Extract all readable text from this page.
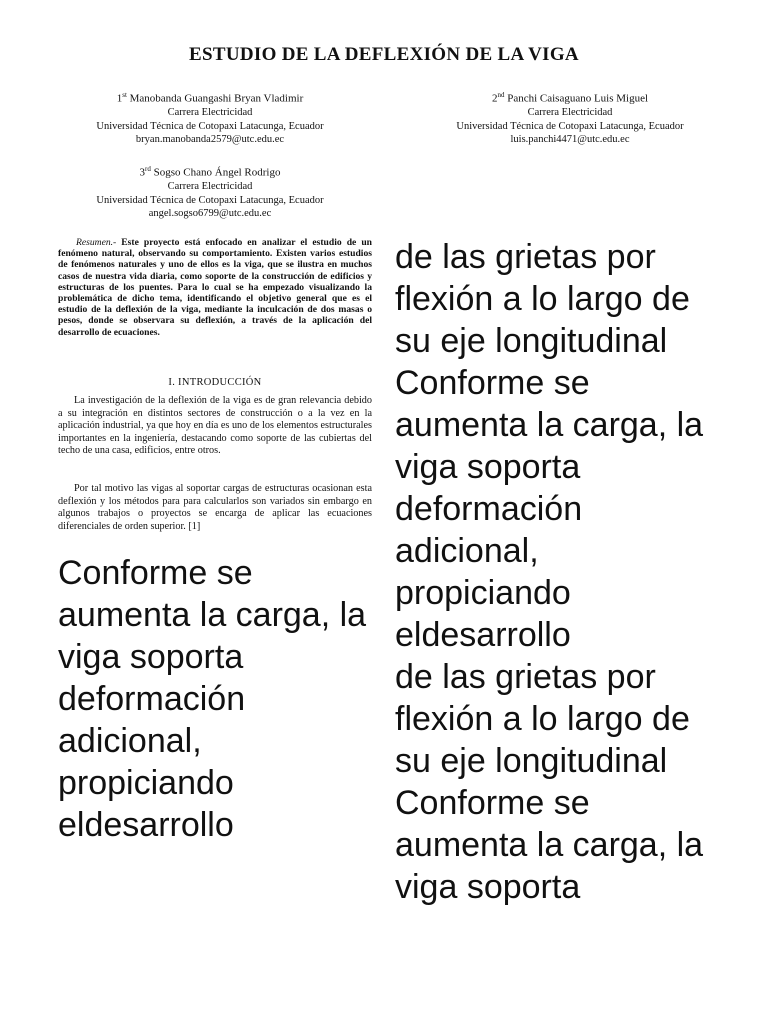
ESTUDIO DE LA DEFLEXIÓN DE LA VIGA
1st Manobanda Guangashi Bryan Vladimir
Carrera Electricidad
Universidad Técnica de Cotopaxi Latacunga, Ecuador
bryan.manobanda2579@utc.edu.ec
2nd Panchi Caisaguano Luis Miguel
Carrera Electricidad
Universidad Técnica de Cotopaxi Latacunga, Ecuador
luis.panchi4471@utc.edu.ec
3rd Sogso Chano Ángel Rodrigo
Carrera Electricidad
Universidad Técnica de Cotopaxi Latacunga, Ecuador
angel.sogso6799@utc.edu.ec
Resumen.- Este proyecto está enfocado en analizar el estudio de un fenómeno natural, observando su comportamiento. Existen varios estudios de fenómenos naturales y uno de ellos es la viga, que se ilustra en muchos casos de nuestra vida diaria, como soporte de la construcción de edificios y estructuras de los puentes. Para lo cual se ha empezado visualizando la problemática de dicho tema, identificando el objetivo general que es el estudio de la deflexión de la viga, mediante la inculcación de dos masas o pesos, donde se observara su deflexión, a través de la aplicación del desarrollo de ecuaciones.
I. INTRODUCCIÓN
La investigación de la deflexión de la viga es de gran relevancia debido a su integración en distintos sectores de construcción o a la vez en la aplicación industrial, ya que hoy en día es uno de los elementos estructurales importantes en la ingeniería, destacando como soporte de las cubiertas del techo de una casa, edificios, entre otros.
Por tal motivo las vigas al soportar cargas de estructuras ocasionan esta deflexión y los métodos para para calcularlos son variados sin embargo en algunos trabajos o proyectos se encarga de aplicar las ecuaciones diferenciales de orden superior. [1]
Conforme se
aumenta la carga, la
viga soporta
deformación
adicional,
propiciando
eldesarrollo
de las grietas por
flexión a lo largo de
su eje longitudinal
Conforme se
aumenta la carga, la
viga soporta
deformación
adicional,
propiciando
eldesarrollo
de las grietas por
flexión a lo largo de
su eje longitudinal
Conforme se
aumenta la carga, la
viga soporta
